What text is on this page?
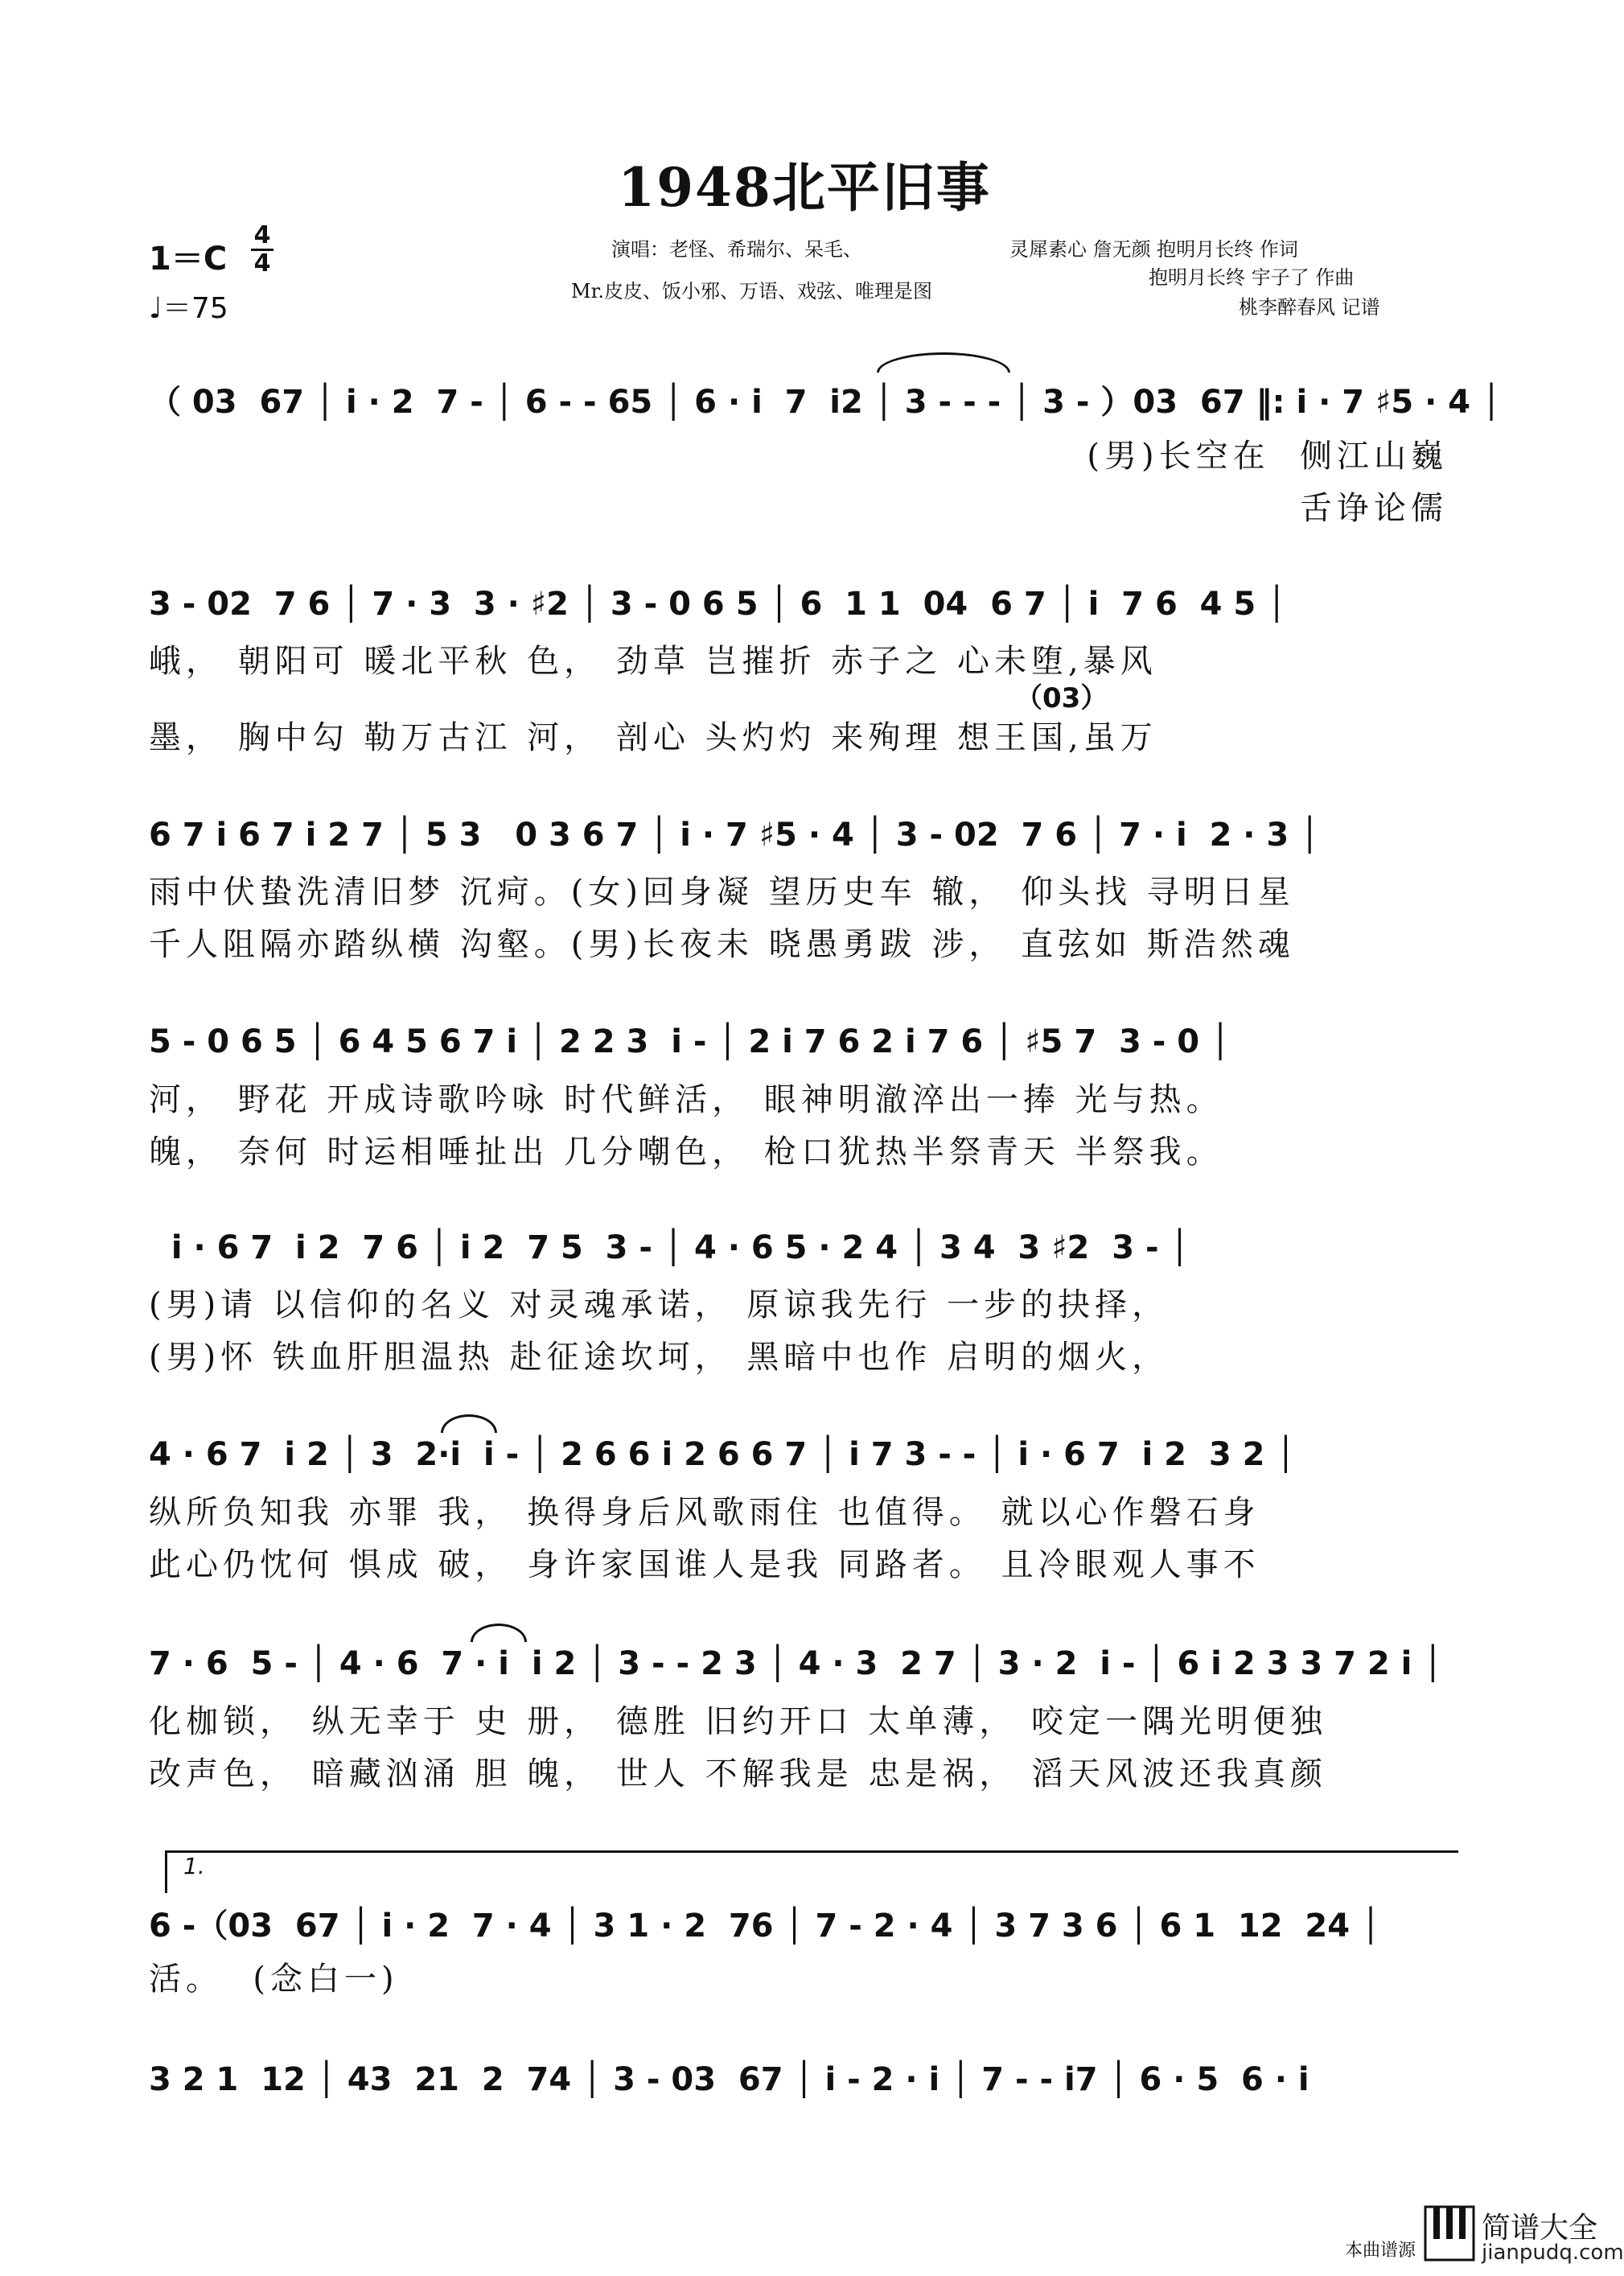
1948北平旧事
1＝C
4
4
♩＝75
演唱：老怪、希瑞尔、呆毛、
Mr.皮皮、饭小邪、万语、戏弦、唯理是图
灵犀素心 詹无颜 抱明月长终 作词
抱明月长终 宇子了 作曲
桃李醉春风 记谱
（ 03  67 │ i · 2  7 - │ 6 - - 65 │ 6 · i  7  i2 │ 3 - - - │ 3 - ）03  67 ‖: i · 7 ♯5 · 4 │
(男)长空在  侧江山巍
舌诤论儒
3 - 02  7 6 │ 7 · 3  3 · ♯2 │ 3 - 0 6 5 │ 6  1 1  04  6 7 │ i  7 6  4 5 │
峨， 朝阳可 暖北平秋 色， 劲草 岂摧折 赤子之 心未堕,暴风
（03）
墨， 胸中勾 勒万古江 河， 剖心 头灼灼 来殉理 想王国,虽万
6 7 i 6 7 i 2 7 │ 5 3   0 3 6 7 │ i · 7 ♯5 · 4 │ 3 - 02  7 6 │ 7 · i  2 · 3 │
雨中伏蛰洗清旧梦 沉疴。(女)回身凝 望历史车 辙， 仰头找 寻明日星
千人阻隔亦踏纵横 沟壑。(男)长夜未 晓愚勇跋 涉， 直弦如 斯浩然魂
5 - 0 6 5 │ 6 4 5 6 7 i │ 2 2 3  i - │ 2 i 7 6 2 i 7 6 │ ♯5 7  3 - 0 │
河， 野花 开成诗歌吟咏 时代鲜活， 眼神明澈淬出一捧 光与热。
魄， 奈何 时运相唾扯出 几分嘲色， 枪口犹热半祭青天 半祭我。
i · 6 7  i 2  7 6 │ i 2  7 5  3 - │ 4 · 6 5 · 2 4 │ 3 4  3 ♯2  3 - │
(男)请 以信仰的名义 对灵魂承诺， 原谅我先行 一步的抉择，
(男)怀 铁血肝胆温热 赴征途坎坷， 黑暗中也作 启明的烟火，
4 · 6 7  i 2 │ 3  2·i  i - │ 2 6 6 i 2 6 6 7 │ i 7 3 - - │ i · 6 7  i 2  3 2 │
纵所负知我 亦罪 我， 换得身后风歌雨住 也值得。 就以心作磐石身
此心仍忱何 惧成 破， 身许家国谁人是我 同路者。 且冷眼观人事不
7 · 6  5 - │ 4 · 6  7 · i  i 2 │ 3 - - 2 3 │ 4 · 3  2 7 │ 3 · 2  i - │ 6 i 2 3 3 7 2 i │
化枷锁， 纵无幸于 史 册， 德胜 旧约开口 太单薄， 咬定一隅光明便独
改声色， 暗藏汹涌 胆 魄， 世人 不解我是 忠是祸， 滔天风波还我真颜
1.
6 -（03  67 │ i · 2  7 · 4 │ 3 1 · 2  76 │ 7 - 2 · 4 │ 3 7 3 6 │ 6 1  12  24 │
活。  (念白一)
3 2 1  12 │ 43  21  2  74 │ 3 - 03  67 │ i - 2 · i │ 7 - - i7 │ 6 · 5  6 · i
本曲谱源
简谱大全
jianpudq.com
